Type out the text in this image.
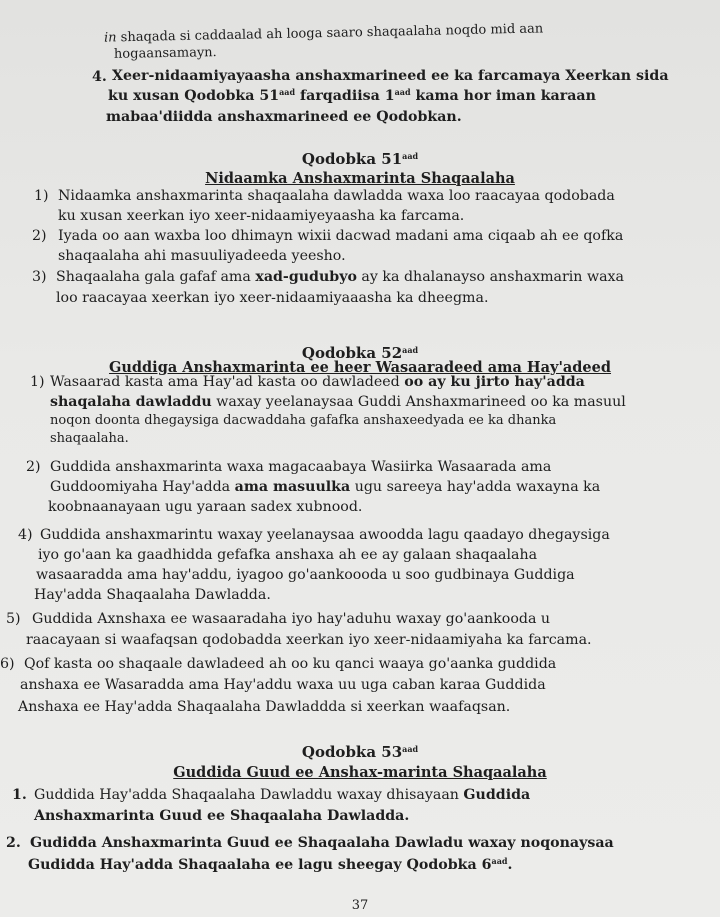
in shaqada si caddaalad ah looga saaro shaqaalaha noqdo mid aan
hogaansamayn.
4. Xeer-nidaamiyayaasha anshaxmarineed ee ka farcamaya Xeerkan sida
ku xusan Qodobka $51^{aad}$ farqadiisa $1^{aad}$ kama hor iman karaan
mabaa'diidda anshaxmarineed ee Qodobkan.
Qodobka $51^{aad}$
Nidaamka Anshaxmarinta Shaqaalaha
1) Nidaamka anshaxmarinta shaqaalaha dawladda waxa loo raacayaa qodobada
ku xusan xeerkan iyo xeer-nidaamiyeyaasha ka farcama.
2) Iyada oo aan waxba loo dhimayn wixii dacwad madani ama ciqaab ah ee qofka
shaqaalaha ahi masuuliyadeeda yeesho.
3) Shaqaalaha gala gafaf ama xad-gudubyo ay ka dhalanayso anshaxmarin waxa
loo raacayaa xeerkan iyo xeer-nidaamiyaaasha ka dheegma.
Qodobka $52^{aad}$
Guddiga Anshaxmarinta ee heer Wasaaradeed ama Hay'adeed
1) Wasaarad kasta ama Hay'ad kasta oo dawladeed oo ay ku jirto hay'adda
shaqalaha dawladdu waxay yeelanaysaa Guddi Anshaxmarineed oo ka masuul
noqon doonta dhegaysiga dacwaddaha gafafka anshaxeedyada ee ka dhanka
shaqaalaha.
2) Guddida anshaxmarinta waxa magacaabaya Wasiirka Wasaarada ama
Guddoomiyaha Hay'adda ama masuulka ugu sareeya hay'adda waxayna ka
koobnaanayaan ugu yaraan sadex xubnood.
4) Guddida anshaxmarintu waxay yeelanaysaa awoodda lagu qaadayo dhegaysiga
iyo go'aan ka gaadhidda gefafka anshaxa ah ee ay galaan shaqaalaha
wasaaradda ama hay'addu, iyagoo go'aankoooda u soo gudbinaya Guddiga
Hay'adda Shaqaalaha Dawladda.
5) Guddida Axnshaxa ee wasaaradaha iyo hay'aduhu waxay go'aankooda u
raacayaan si waafaqsan qodobadda xeerkan iyo xeer-nidaamiyaha ka farcama.
6) Qof kasta oo shaqaale dawladeed ah oo ku qanci waaya go'aanka guddida
anshaxa ee Wasaradda ama Hay'addu waxa uu uga caban karaa Guddida
Anshaxa ee Hay'adda Shaqaalaha Dawladdda si xeerkan waafaqsan.
Qodobka $53^{aad}$
Guddida Guud ee Anshax-marinta Shaqaalaha
1. Guddida Hay'adda Shaqaalaha Dawladdu waxay dhisayaan Guddida
Anshaxmarinta Guud ee Shaqaalaha Dawladda.
2. Gudidda Anshaxmarinta Guud ee Shaqaalaha Dawladu waxay noqonaysaa
Gudidda Hay'adda Shaqaalaha ee lagu sheegay Qodobka $6^{aad}$.
37
